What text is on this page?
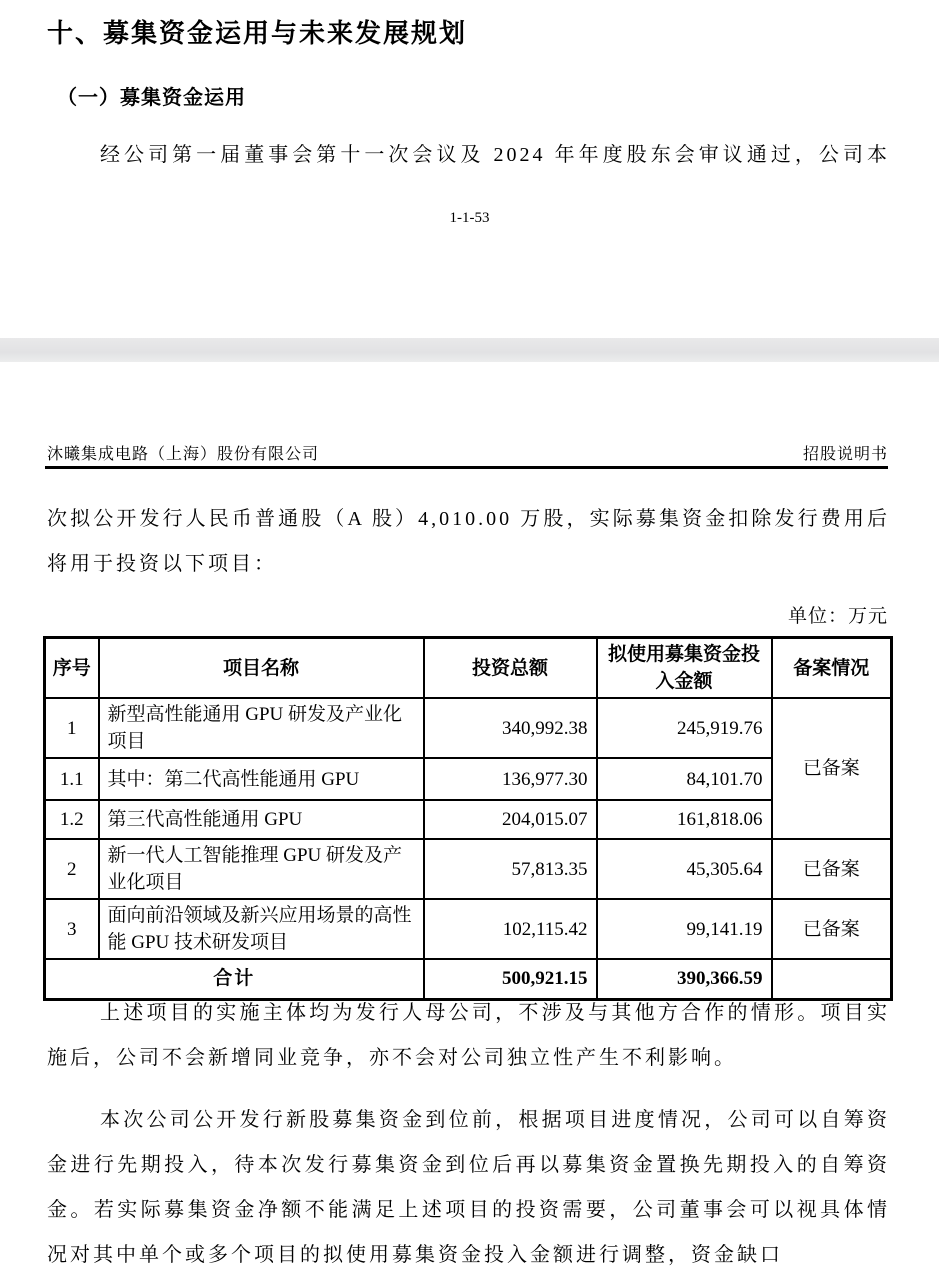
十、募集资金运用与未来发展规划
（一）募集资金运用

经公司第一届董事会第十一次会议及 2024 年年度股东会审议通过，公司本

1-1-53
沐曦集成电路（上海）股份有限公司	招股说明书

次拟公开发行人民币普通股（A 股）4,010.00 万股，实际募集资金扣除发行费用后将用于投资以下项目：

单位：万元
序号	项目名称	投资总额	拟使用募集资金投入金额	备案情况
1	新型高性能通用 GPU 研发及产业化项目	340,992.38	245,919.76	已备案
1.1	其中：第二代高性能通用 GPU	136,977.30	84,101.70	
1.2	第三代高性能通用 GPU	204,015.07	161,818.06	
2	新一代人工智能推理 GPU 研发及产业化项目	57,813.35	45,305.64	已备案
3	面向前沿领域及新兴应用场景的高性能 GPU 技术研发项目	102,115.42	99,141.19	已备案
合计		500,921.15	390,366.59	

上述项目的实施主体均为发行人母公司，不涉及与其他方合作的情形。项目实施后，公司不会新增同业竞争，亦不会对公司独立性产生不利影响。

本次公司公开发行新股募集资金到位前，根据项目进度情况，公司可以自筹资金进行先期投入，待本次发行募集资金到位后再以募集资金置换先期投入的自筹资金。若实际募集资金净额不能满足上述项目的投资需要，公司董事会可以视具体情况对其中单个或多个项目的拟使用募集资金投入金额进行调整，资金缺口
